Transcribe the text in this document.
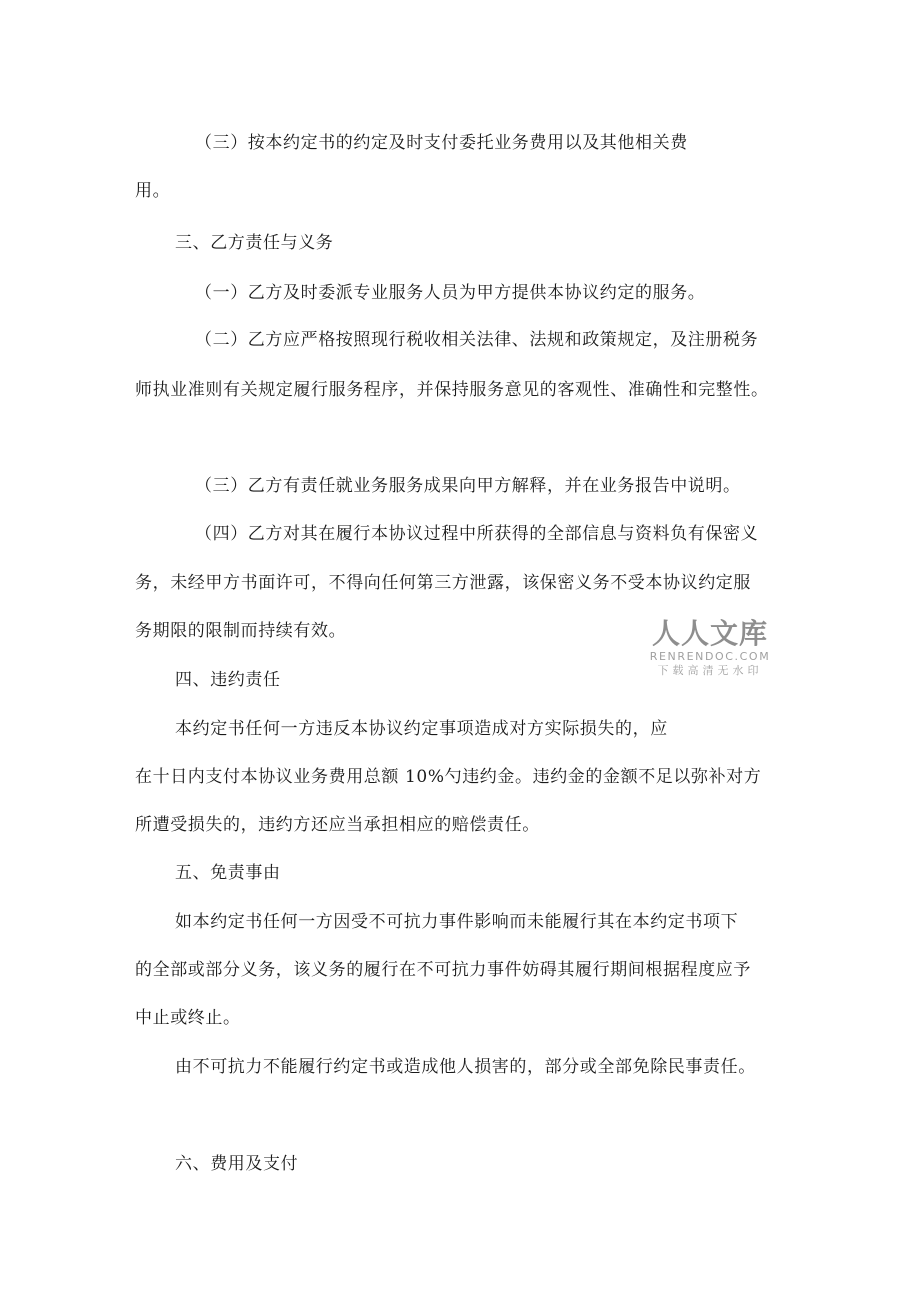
（三）按本约定书的约定及时支付委托业务费用以及其他相关费
用。
三、乙方责任与义务
（一）乙方及时委派专业服务人员为甲方提供本协议约定的服务。
（二）乙方应严格按照现行税收相关法律、法规和政策规定，及注册税务
师执业准则有关规定履行服务程序，并保持服务意见的客观性、准确性和完整性。
（三）乙方有责任就业务服务成果向甲方解释，并在业务报告中说明。
（四）乙方对其在履行本协议过程中所获得的全部信息与资料负有保密义
务，未经甲方书面许可，不得向任何第三方泄露，该保密义务不受本协议约定服
务期限的限制而持续有效。
四、违约责任
本约定书任何一方违反本协议约定事项造成对方实际损失的，应
在十日内支付本协议业务费用总额 10%勺违约金。违约金的金额不足以弥补对方
所遭受损失的，违约方还应当承担相应的赔偿责任。
五、免责事由
如本约定书任何一方因受不可抗力事件影响而未能履行其在本约定书项下
的全部或部分义务，该义务的履行在不可抗力事件妨碍其履行期间根据程度应予
中止或终止。
由不可抗力不能履行约定书或造成他人损害的，部分或全部免除民事责任。
六、费用及支付
人人文库
RENRENDOC.COM
下载高清无水印
